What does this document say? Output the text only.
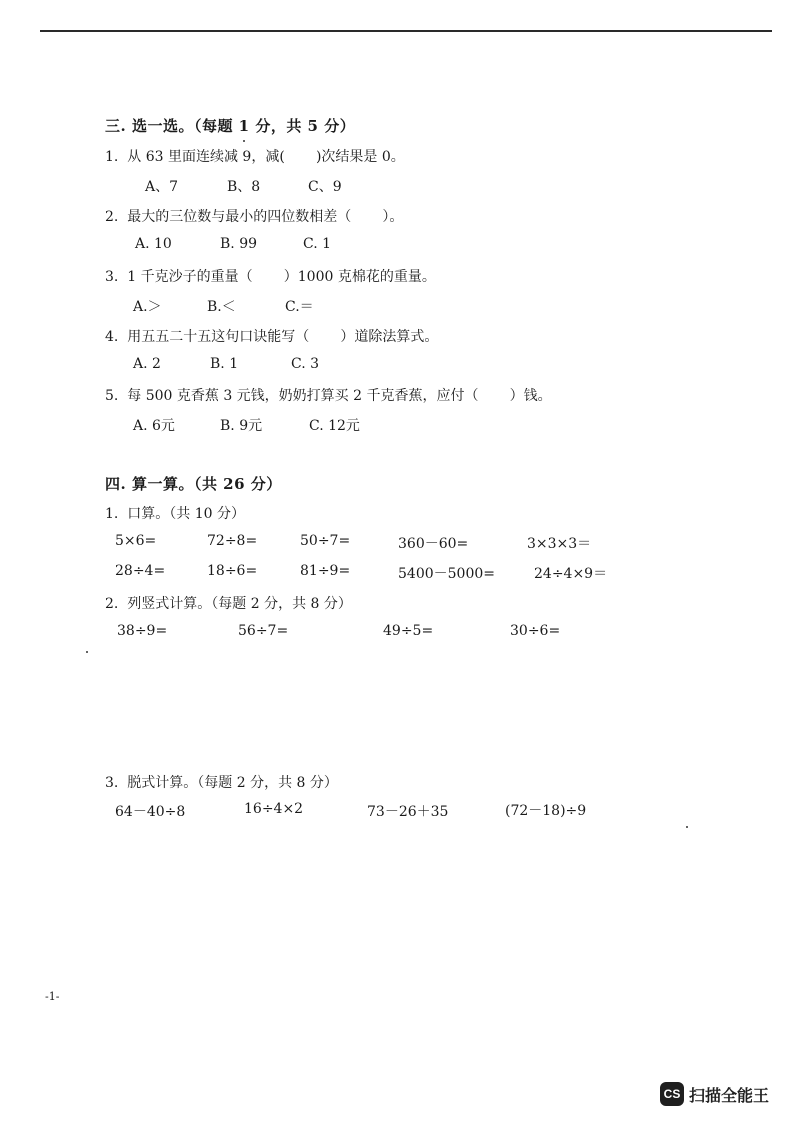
三. 选一选。（每题 1 分，共 5 分）
1.  从 63 里面连续减 9，减(       )次结果是 0。
A、7	B、8	C、9
2.  最大的三位数与最小的四位数相差（       ）。
A. 10	B. 99	C. 1
3.  1 千克沙子的重量（       ）1000 克棉花的重量。
A.＞	B.＜	C.＝
4.  用五五二十五这句口诀能写（       ）道除法算式。
A. 2	B. 1	C. 3
5.  每 500 克香蕉 3 元钱，奶奶打算买 2 千克香蕉，应付（       ）钱。
A. 6元	B. 9元	C. 12元
四. 算一算。（共 26 分）
1.  口算。（共 10 分）
5×6=	72÷8=	50÷7=	360－60=	3×3×3＝
28÷4=	18÷6=	81÷9=	5400－5000=	24÷4×9＝
2.  列竖式计算。（每题 2 分，共 8 分）
38÷9=	56÷7=	49÷5=	30÷6=
3.  脱式计算。（每题 2 分，共 8 分）
64－40÷8	16÷4×2	73－26＋35	(72－18)÷9
-1-
CS 扫描全能王
